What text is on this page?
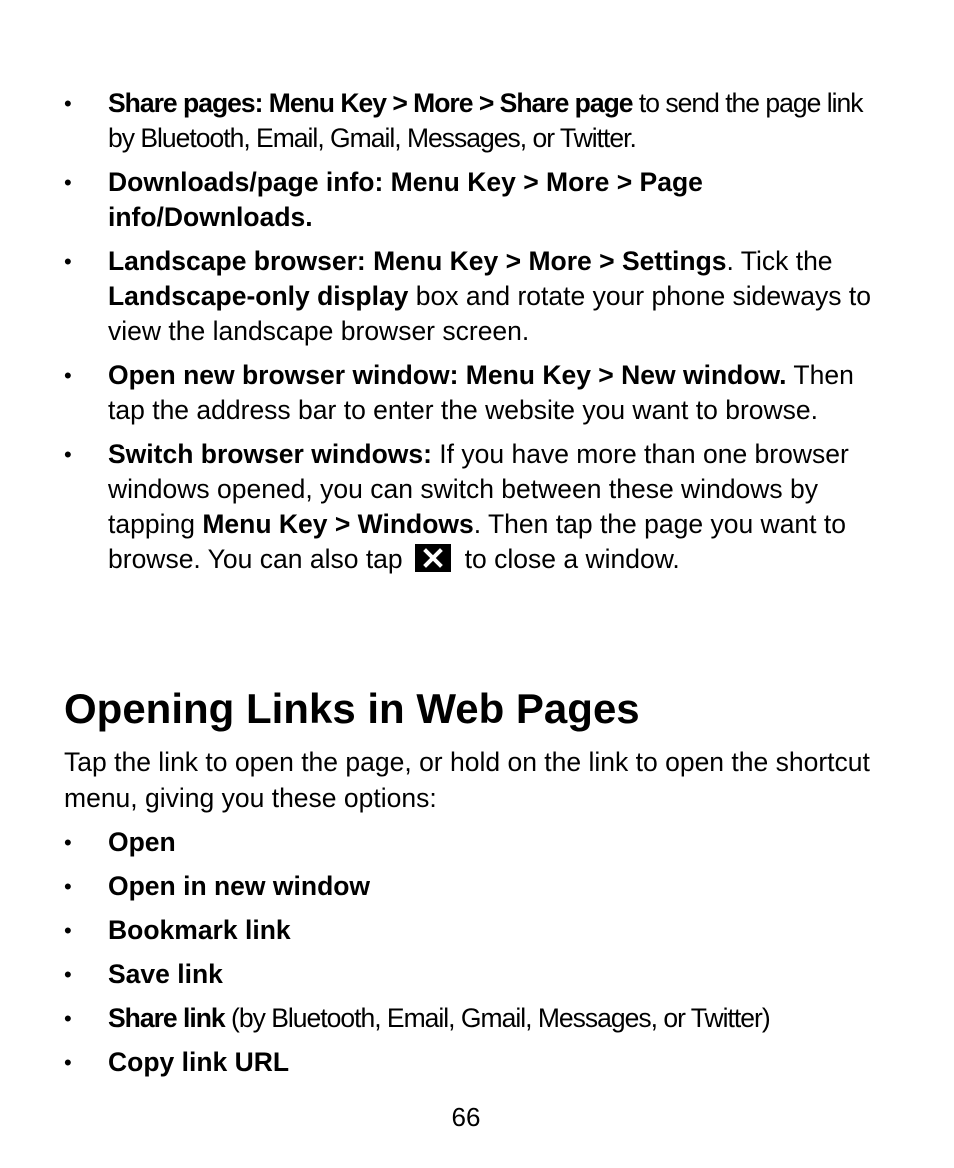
• Share pages: Menu Key > More > Share page to send the page link by Bluetooth, Email, Gmail, Messages, or Twitter.
• Downloads/page info: Menu Key > More > Page info/Downloads.
• Landscape browser: Menu Key > More > Settings. Tick the Landscape-only display box and rotate your phone sideways to view the landscape browser screen.
• Open new browser window: Menu Key > New window. Then tap the address bar to enter the website you want to browse.
• Switch browser windows: If you have more than one browser windows opened, you can switch between these windows by tapping Menu Key > Windows. Then tap the page you want to browse. You can also tap to close a window.
Opening Links in Web Pages

Tap the link to open the page, or hold on the link to open the shortcut menu, giving you these options:

• Open
• Open in new window
• Bookmark link
• Save link
• Share link (by Bluetooth, Email, Gmail, Messages, or Twitter)
• Copy link URL
66
